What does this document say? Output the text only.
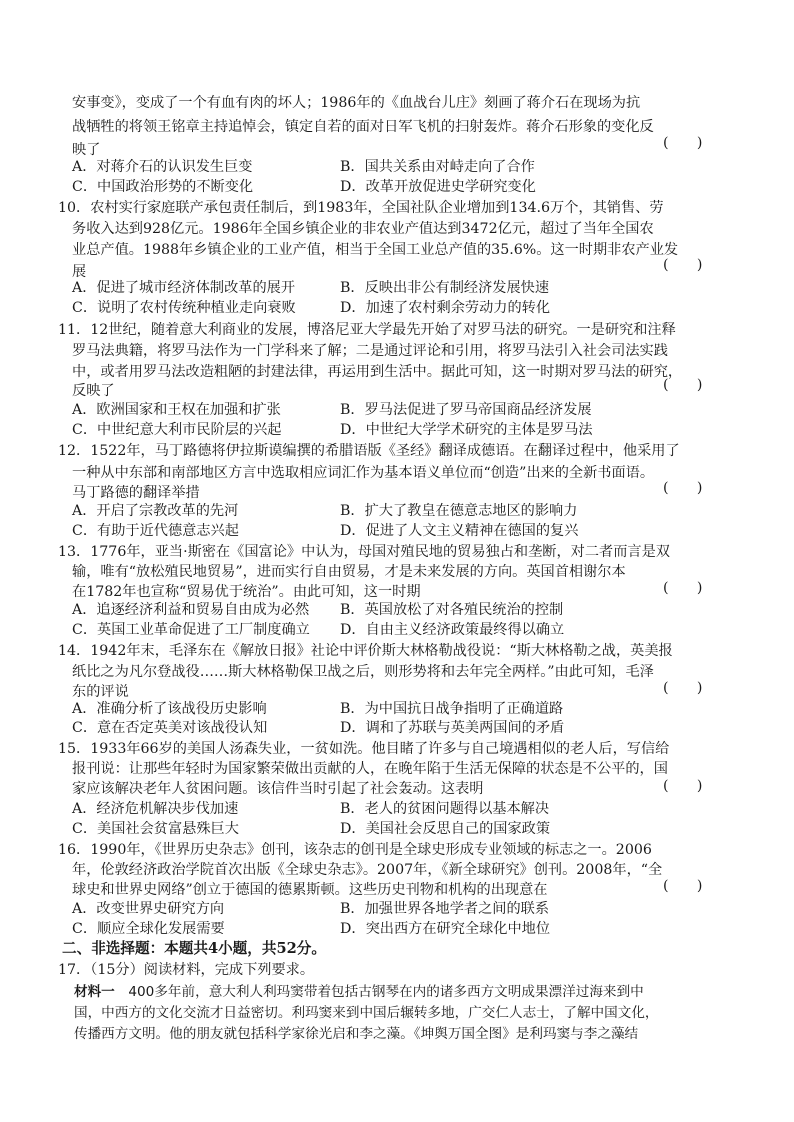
安事变》，变成了一个有血有肉的坏人；1986年的《血战台儿庄》刻画了蒋介石在现场为抗
战牺牲的将领王铭章主持追悼会，镇定自若的面对日军飞机的扫射轰炸。蒋介石形象的变化反
映了	(　　)
A．对蒋介石的认识发生巨变	B．国共关系由对峙走向了合作
C．中国政治形势的不断变化	D．改革开放促进史学研究变化
10．农村实行家庭联产承包责任制后，到1983年，全国社队企业增加到134.6万个，其销售、劳
务收入达到928亿元。1986年全国乡镇企业的非农业产值达到3472亿元，超过了当年全国农
业总产值。1988年乡镇企业的工业产值，相当于全国工业总产值的35.6%。这一时期非农产业发
展	(　　)
A．促进了城市经济体制改革的展开	B．反映出非公有制经济发展快速
C．说明了农村传统种植业走向衰败	D．加速了农村剩余劳动力的转化
11．12世纪，随着意大利商业的发展，博洛尼亚大学最先开始了对罗马法的研究。一是研究和注释
罗马法典籍，将罗马法作为一门学科来了解；二是通过评论和引用，将罗马法引入社会司法实践
中，或者用罗马法改造粗陋的封建法律，再运用到生活中。据此可知，这一时期对罗马法的研究，
反映了	(　　)
A．欧洲国家和王权在加强和扩张	B．罗马法促进了罗马帝国商品经济发展
C．中世纪意大利市民阶层的兴起	D．中世纪大学学术研究的主体是罗马法
12．1522年，马丁路德将伊拉斯谟编撰的希腊语版《圣经》翻译成德语。在翻译过程中，他采用了
一种从中东部和南部地区方言中选取相应词汇作为基本语义单位而“创造”出来的全新书面语。
马丁路德的翻译举措	(　　)
A．开启了宗教改革的先河	B．扩大了教皇在德意志地区的影响力
C．有助于近代德意志兴起	D．促进了人文主义精神在德国的复兴
13．1776年，亚当·斯密在《国富论》中认为，母国对殖民地的贸易独占和垄断，对二者而言是双
输，唯有“放松殖民地贸易”，进而实行自由贸易，才是未来发展的方向。英国首相谢尔本
在1782年也宣称“贸易优于统治”。由此可知，这一时期	(　　)
A．追逐经济利益和贸易自由成为必然 B．英国放松了对各殖民统治的控制
C．英国工业革命促进了工厂制度确立 D．自由主义经济政策最终得以确立
14．1942年末，毛泽东在《解放日报》社论中评价斯大林格勒战役说：“斯大林格勒之战，英美报
纸比之为凡尔登战役……斯大林格勒保卫战之后，则形势将和去年完全两样。”由此可知，毛泽
东的评说	(　　)
A．准确分析了该战役历史影响	B．为中国抗日战争指明了正确道路
C．意在否定英美对该战役认知	D．调和了苏联与英美两国间的矛盾
15．1933年66岁的美国人汤森失业，一贫如洗。他目睹了许多与自己境遇相似的老人后，写信给
报刊说：让那些年轻时为国家繁荣做出贡献的人，在晚年陷于生活无保障的状态是不公平的，国
家应该解决老年人贫困问题。该信件当时引起了社会轰动。这表明	(　　)
A．经济危机解决步伐加速	B．老人的贫困问题得以基本解决
C．美国社会贫富悬殊巨大	D．美国社会反思自己的国家政策
16．1990年，《世界历史杂志》创刊，该杂志的创刊是全球史形成专业领域的标志之一。2006
年，伦敦经济政治学院首次出版《全球史杂志》。2007年，《新全球研究》创刊。2008年，“全
球史和世界史网络”创立于德国的德累斯顿。这些历史刊物和机构的出现意在	(　　)
A．改变世界史研究方向	B．加强世界各地学者之间的联系
C．顺应全球化发展需要	D．突出西方在研究全球化中地位
二、非选择题：本题共4小题，共52分。
17．（15分）阅读材料，完成下列要求。
材料一　400多年前，意大利人利玛窦带着包括古钢琴在内的诸多西方文明成果漂洋过海来到中
国，中西方的文化交流才日益密切。利玛窦来到中国后辗转多地，广交仁人志士，了解中国文化，
传播西方文明。他的朋友就包括科学家徐光启和李之藻。《坤舆万国全图》是利玛窦与李之藻结
